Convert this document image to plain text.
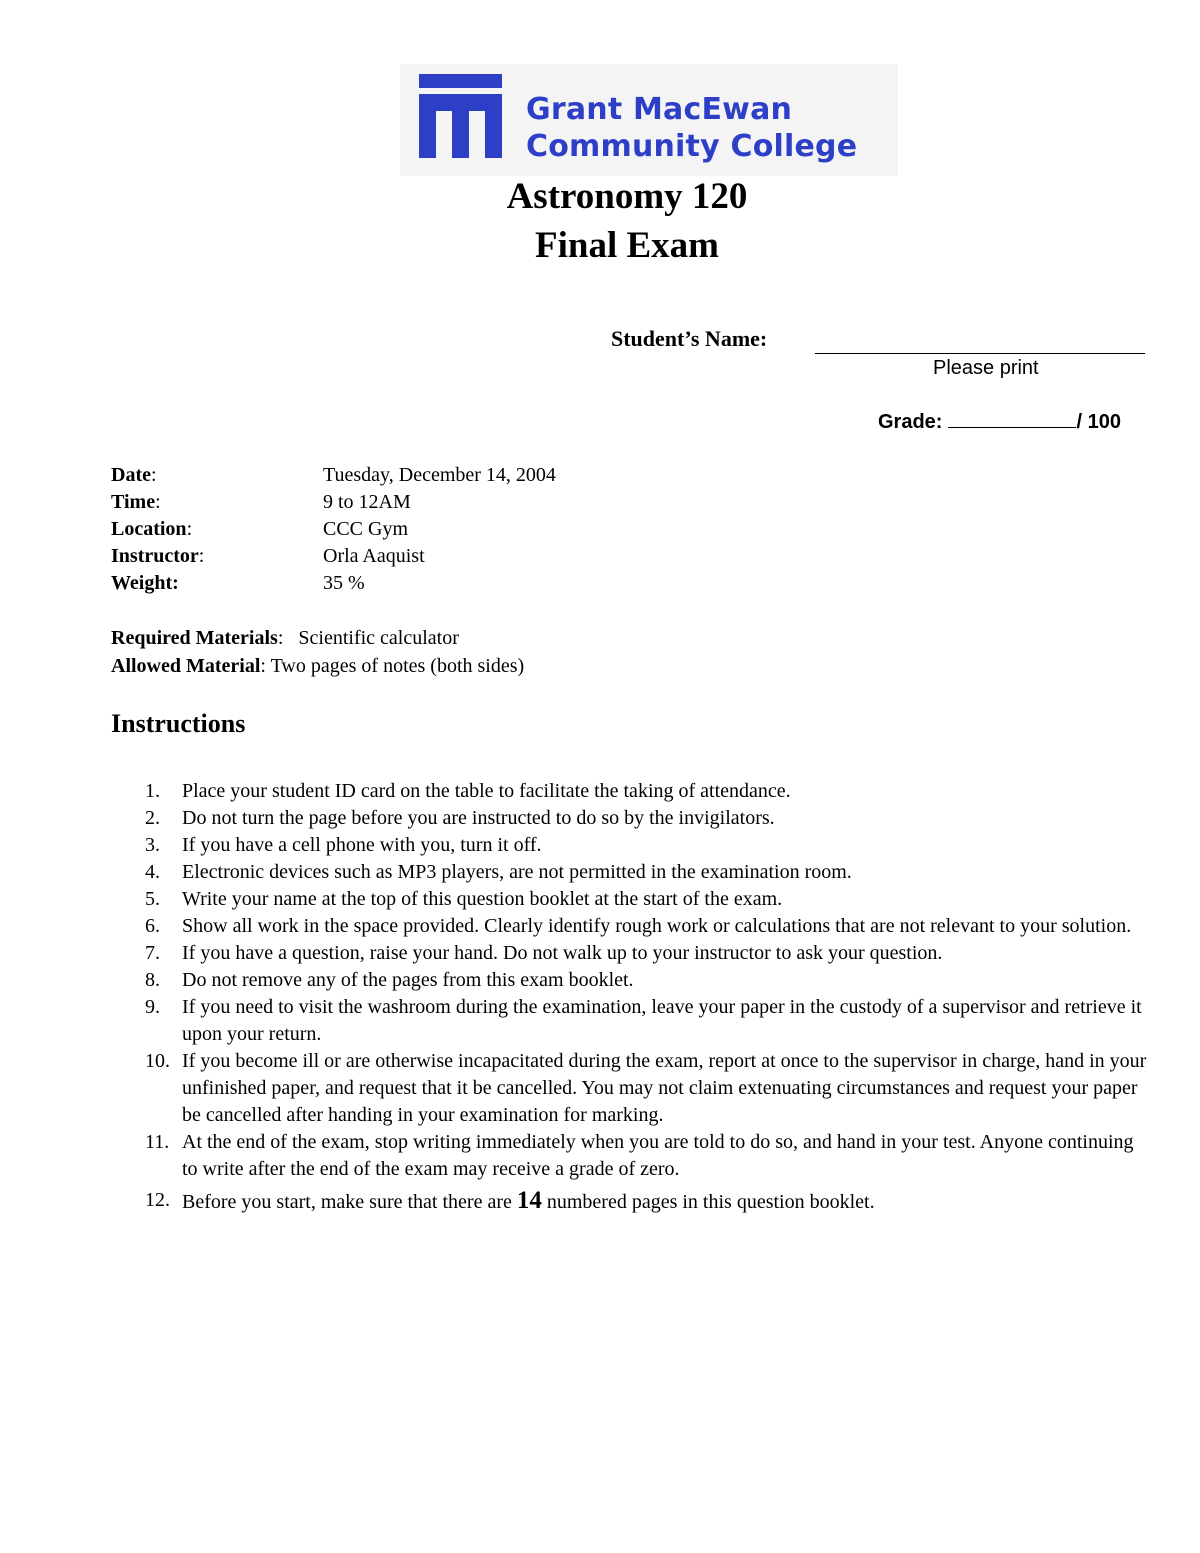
Grant MacEwan
Community College
Astronomy 120
Final Exam
Student’s Name:
Please print
Grade:	/ 100
Date:	Tuesday, December 14, 2004
Time:	9 to 12AM
Location:	CCC Gym
Instructor:	Orla Aaquist
Weight:	35 %
Required Materials:   Scientific calculator
Allowed Material: Two pages of notes (both sides)
Instructions
1.	Place your student ID card on the table to facilitate the taking of attendance.
2.	Do not turn the page before you are instructed to do so by the invigilators.
3.	If you have a cell phone with you, turn it off.
4.	Electronic devices such as MP3 players, are not permitted in the examination room.
5.	Write your name at the top of this question booklet at the start of the exam.
6.	Show all work in the space provided. Clearly identify rough work or calculations that are not relevant to your solution.
7.	If you have a question, raise your hand. Do not walk up to your instructor to ask your question.
8.	Do not remove any of the pages from this exam booklet.
9.	If you need to visit the washroom during the examination, leave your paper in the custody of a supervisor and retrieve it upon your return.
10. If you become ill or are otherwise incapacitated during the exam, report at once to the supervisor in charge, hand in your unfinished paper, and request that it be cancelled. You may not claim extenuating circumstances and request your paper be cancelled after handing in your examination for marking.
11. At the end of the exam, stop writing immediately when you are told to do so, and hand in your test. Anyone continuing to write after the end of the exam may receive a grade of zero.
12. Before you start, make sure that there are 14 numbered pages in this question booklet.
